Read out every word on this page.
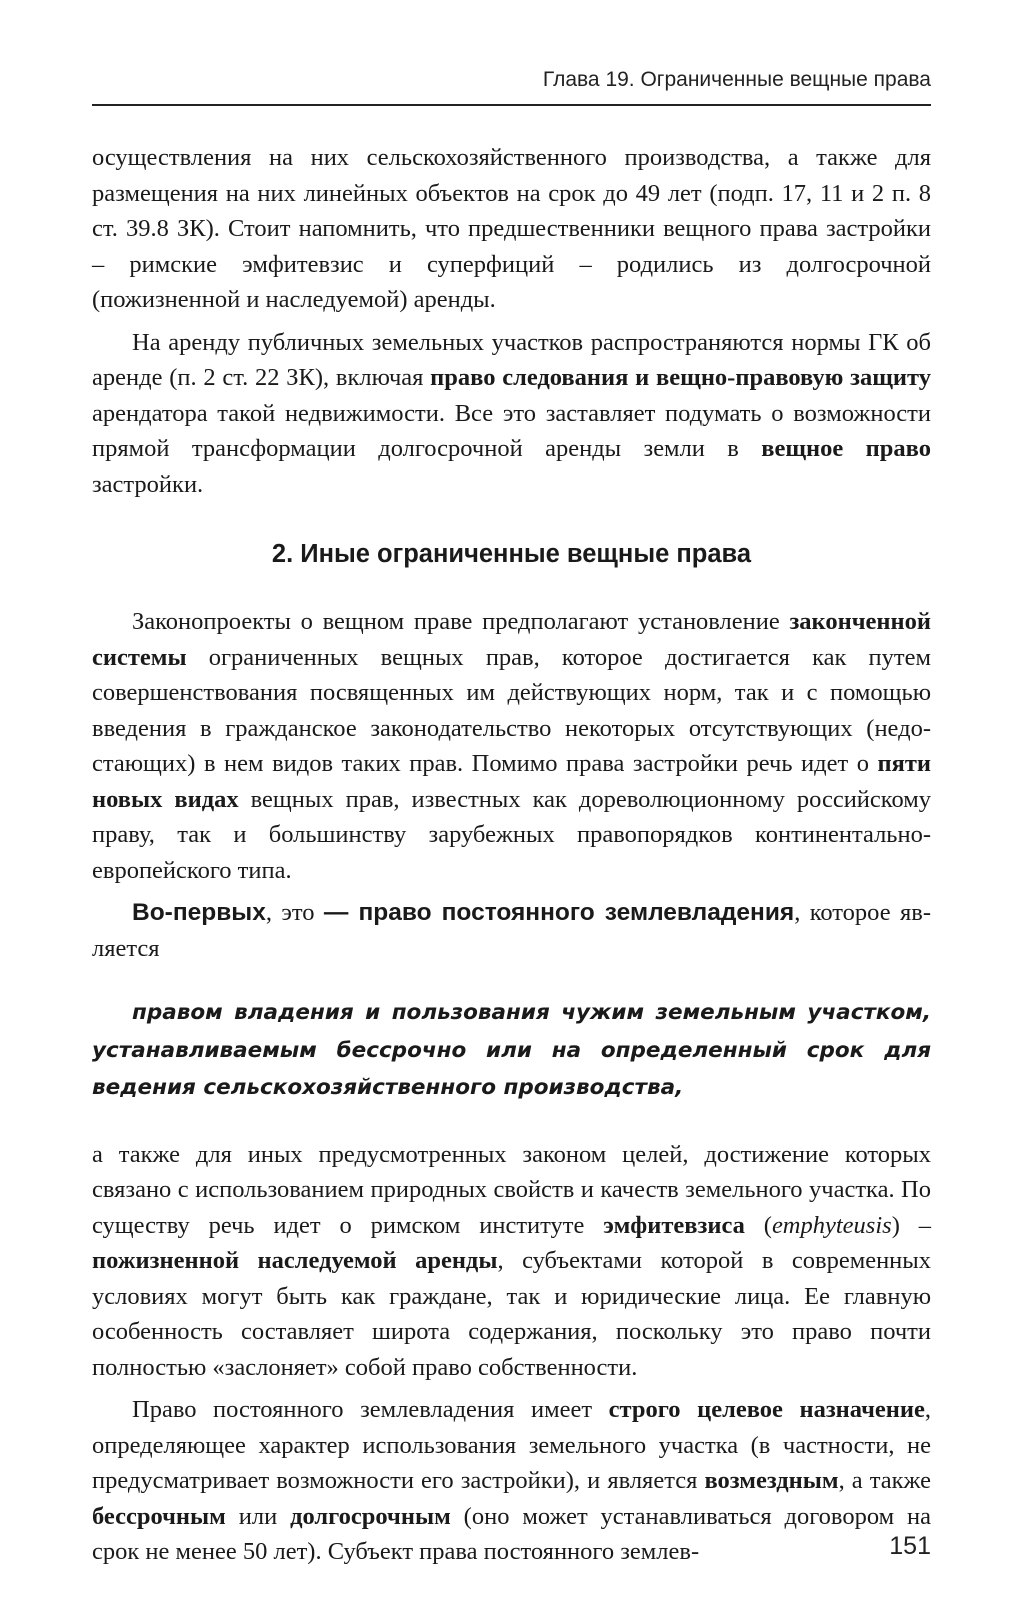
Глава 19. Ограниченные вещные права

осуществления на них сельскохозяйственного производства, а также для размещения на них линейных объектов на срок до 49 лет (подп. 17, 11 и 2 п. 8 ст. 39.8 ЗК). Стоит напомнить, что предшественники вещного права застройки – римские эмфитевзис и суперфиций – родились из долгосрочной (пожизненной и наследуемой) аренды.

На аренду публичных земельных участков распространяются нормы ГК об аренде (п. 2 ст. 22 ЗК), включая право следования и вещно-правовую защиту арендатора такой недвижимости. Все это заставляет подумать о возможности прямой трансформации долгосрочной аренды земли в вещное право застройки.

2. Иные ограниченные вещные права

Законопроекты о вещном праве предполагают установление законченной системы ограниченных вещных прав, которое достигается как путем совершенствования посвященных им действующих норм, так и с помощью введения в гражданское законодательство некоторых отсутствующих (недостающих) в нем видов таких прав. Помимо права застройки речь идет о пяти новых видах вещных прав, известных как дореволюционному российскому праву, так и большинству зарубежных правопорядков континентально-европейского типа.

Во-первых, это — право постоянного землевладения, которое является

правом владения и пользования чужим земельным участком, устанавливаемым бессрочно или на определенный срок для ведения сельскохозяйственного производства,

а также для иных предусмотренных законом целей, достижение которых связано с использованием природных свойств и качеств земельного участка. По существу речь идет о римском институте эмфитевзиса (emphyteusis) – пожизненной наследуемой аренды, субъектами которой в современных условиях могут быть как граждане, так и юридические лица. Ее главную особенность составляет широта содержания, поскольку это право почти полностью «заслоняет» собой право собственности.

Право постоянного землевладения имеет строго целевое назначение, определяющее характер использования земельного участка (в частности, не предусматривает возможности его застройки), и является возмездным, а также бессрочным или долгосрочным (оно может устанавливаться договором на срок не менее 50 лет). Субъект права постоянного землев-	151
